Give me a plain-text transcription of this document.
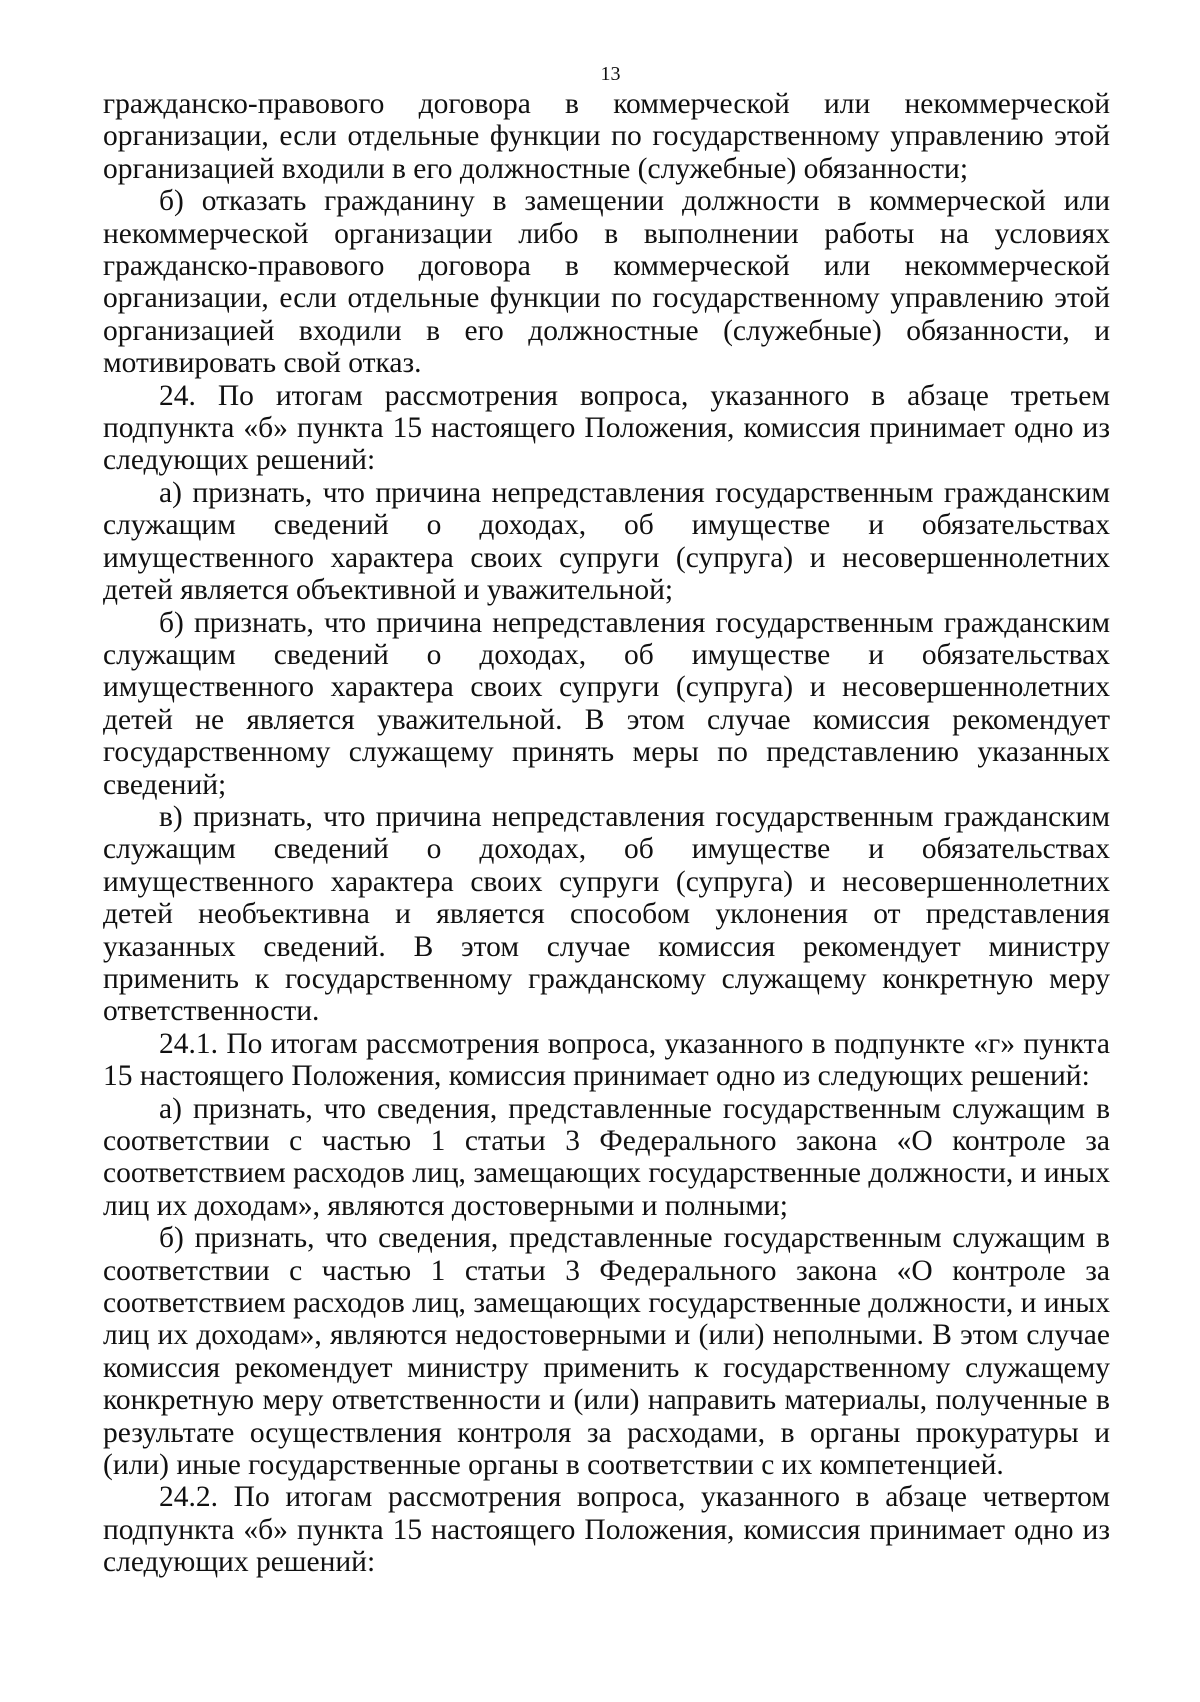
13

гражданско-правового договора в коммерческой или некоммерческой организации, если отдельные функции по государственному управлению этой организацией входили в его должностные (служебные) обязанности;

б) отказать гражданину в замещении должности в коммерческой или некоммерческой организации либо в выполнении работы на условиях гражданско-правового договора в коммерческой или некоммерческой организации, если отдельные функции по государственному управлению этой организацией входили в его должностные (служебные) обязанности, и мотивировать свой отказ.

24. По итогам рассмотрения вопроса, указанного в абзаце третьем подпункта «б» пункта 15 настоящего Положения, комиссия принимает одно из следующих решений:

а) признать, что причина непредставления государственным гражданским служащим сведений о доходах, об имуществе и обязательствах имущественного характера своих супруги (супруга) и несовершеннолетних детей является объективной и уважительной;

б) признать, что причина непредставления государственным гражданским служащим сведений о доходах, об имуществе и обязательствах имущественного характера своих супруги (супруга) и несовершеннолетних детей не является уважительной. В этом случае комиссия рекомендует государственному служащему принять меры по представлению указанных сведений;

в) признать, что причина непредставления государственным гражданским служащим сведений о доходах, об имуществе и обязательствах имущественного характера своих супруги (супруга) и несовершеннолетних детей необъективна и является способом уклонения от представления указанных сведений. В этом случае комиссия рекомендует министру применить к государственному гражданскому служащему конкретную меру ответственности.

24.1. По итогам рассмотрения вопроса, указанного в подпункте «г» пункта 15 настоящего Положения, комиссия принимает одно из следующих решений:

а) признать, что сведения, представленные государственным служащим в соответствии с частью 1 статьи 3 Федерального закона «О контроле за соответствием расходов лиц, замещающих государственные должности, и иных лиц их доходам», являются достоверными и полными;

б) признать, что сведения, представленные государственным служащим в соответствии с частью 1 статьи 3 Федерального закона «О контроле за соответствием расходов лиц, замещающих государственные должности, и иных лиц их доходам», являются недостоверными и (или) неполными. В этом случае комиссия рекомендует министру применить к государственному служащему конкретную меру ответственности и (или) направить материалы, полученные в результате осуществления контроля за расходами, в органы прокуратуры и (или) иные государственные органы в соответствии с их компетенцией.

24.2. По итогам рассмотрения вопроса, указанного в абзаце четвертом подпункта «б» пункта 15 настоящего Положения, комиссия принимает одно из следующих решений:
